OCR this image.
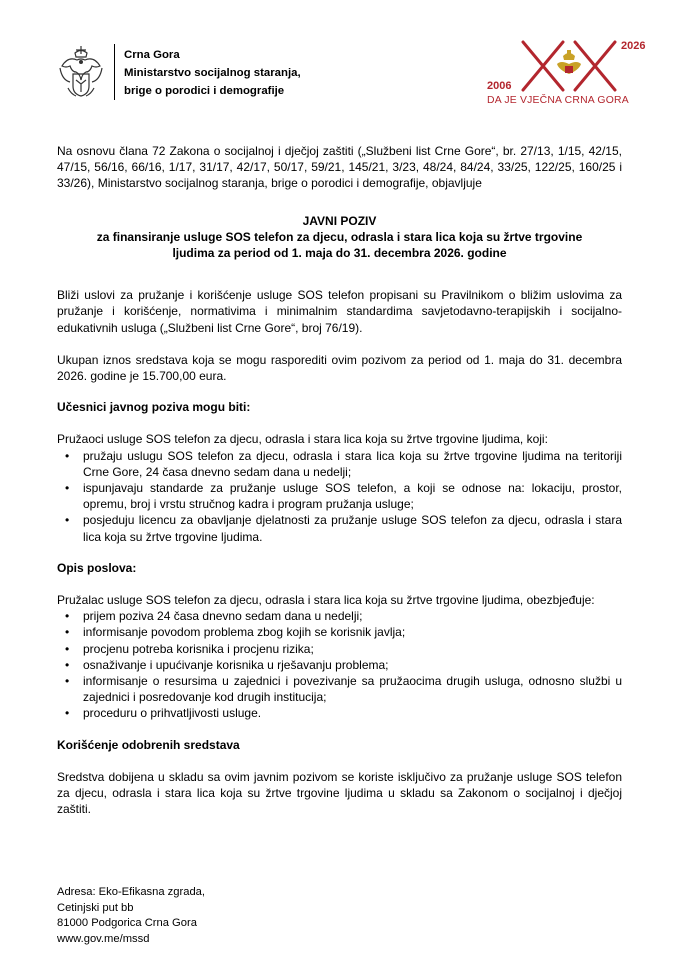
Crna Gora
Ministarstvo socijalnog staranja,
brige o porodici i demografije
2026
2006
DA JE VJEČNA CRNA GORA

Na osnovu člana 72 Zakona o socijalnoj i dječjoj zaštiti („Službeni list Crne Gore“, br. 27/13, 1/15, 42/15, 47/15, 56/16, 66/16, 1/17, 31/17, 42/17, 50/17, 59/21, 145/21, 3/23, 48/24, 84/24, 33/25, 122/25, 160/25 i 33/26), Ministarstvo socijalnog staranja, brige o porodici i demografije, objavljuje

JAVNI POZIV

za finansiranje usluge SOS telefon za djecu, odrasla i stara lica koja su žrtve trgovine

ljudima za period od 1. maja do 31. decembra 2026. godine

Bliži uslovi za pružanje i korišćenje usluge SOS telefon propisani su Pravilnikom o bližim uslovima za pružanje i korišćenje, normativima i minimalnim standardima savjetodavno-terapijskih i socijalno-edukativnih usluga („Službeni list Crne Gore“, broj 76/19).

Ukupan iznos sredstava koja se mogu rasporediti ovim pozivom za period od 1. maja do 31. decembra 2026. godine je 15.700,00 eura.

Učesnici javnog poziva mogu biti:

Pružaoci usluge SOS telefon za djecu, odrasla i stara lica koja su žrtve trgovine ljudima, koji:

• pružaju uslugu SOS telefon za djecu, odrasla i stara lica koja su žrtve trgovine ljudima na teritoriji Crne Gore, 24 časa dnevno sedam dana u nedelji;
• ispunjavaju standarde za pružanje usluge SOS telefon, a koji se odnose na: lokaciju, prostor, opremu, broj i vrstu stručnog kadra i program pružanja usluge;
• posjeduju licencu za obavljanje djelatnosti za pružanje usluge SOS telefon za djecu, odrasla i stara lica koja su žrtve trgovine ljudima.
Opis poslova:

Pružalac usluge SOS telefon za djecu, odrasla i stara lica koja su žrtve trgovine ljudima, obezbjeđuje:

• prijem poziva 24 časa dnevno sedam dana u nedelji;
• informisanje povodom problema zbog kojih se korisnik javlja;
• procjenu potreba korisnika i procjenu rizika;
• osnaživanje i upućivanje korisnika u rješavanju problema;
• informisanje o resursima u zajednici i povezivanje sa pružaocima drugih usluga, odnosno službi u zajednici i posredovanje kod drugih institucija;
• proceduru o prihvatljivosti usluge.
Korišćenje odobrenih sredstava

Sredstva dobijena u skladu sa ovim javnim pozivom se koriste isključivo za pružanje usluge SOS telefon za djecu, odrasla i stara lica koja su žrtve trgovine ljudima u skladu sa Zakonom o socijalnoj i dječjoj zaštiti.

Adresa: Eko-Efikasna zgrada,
Cetinjski put bb
81000 Podgorica Crna Gora
www.gov.me/mssd
